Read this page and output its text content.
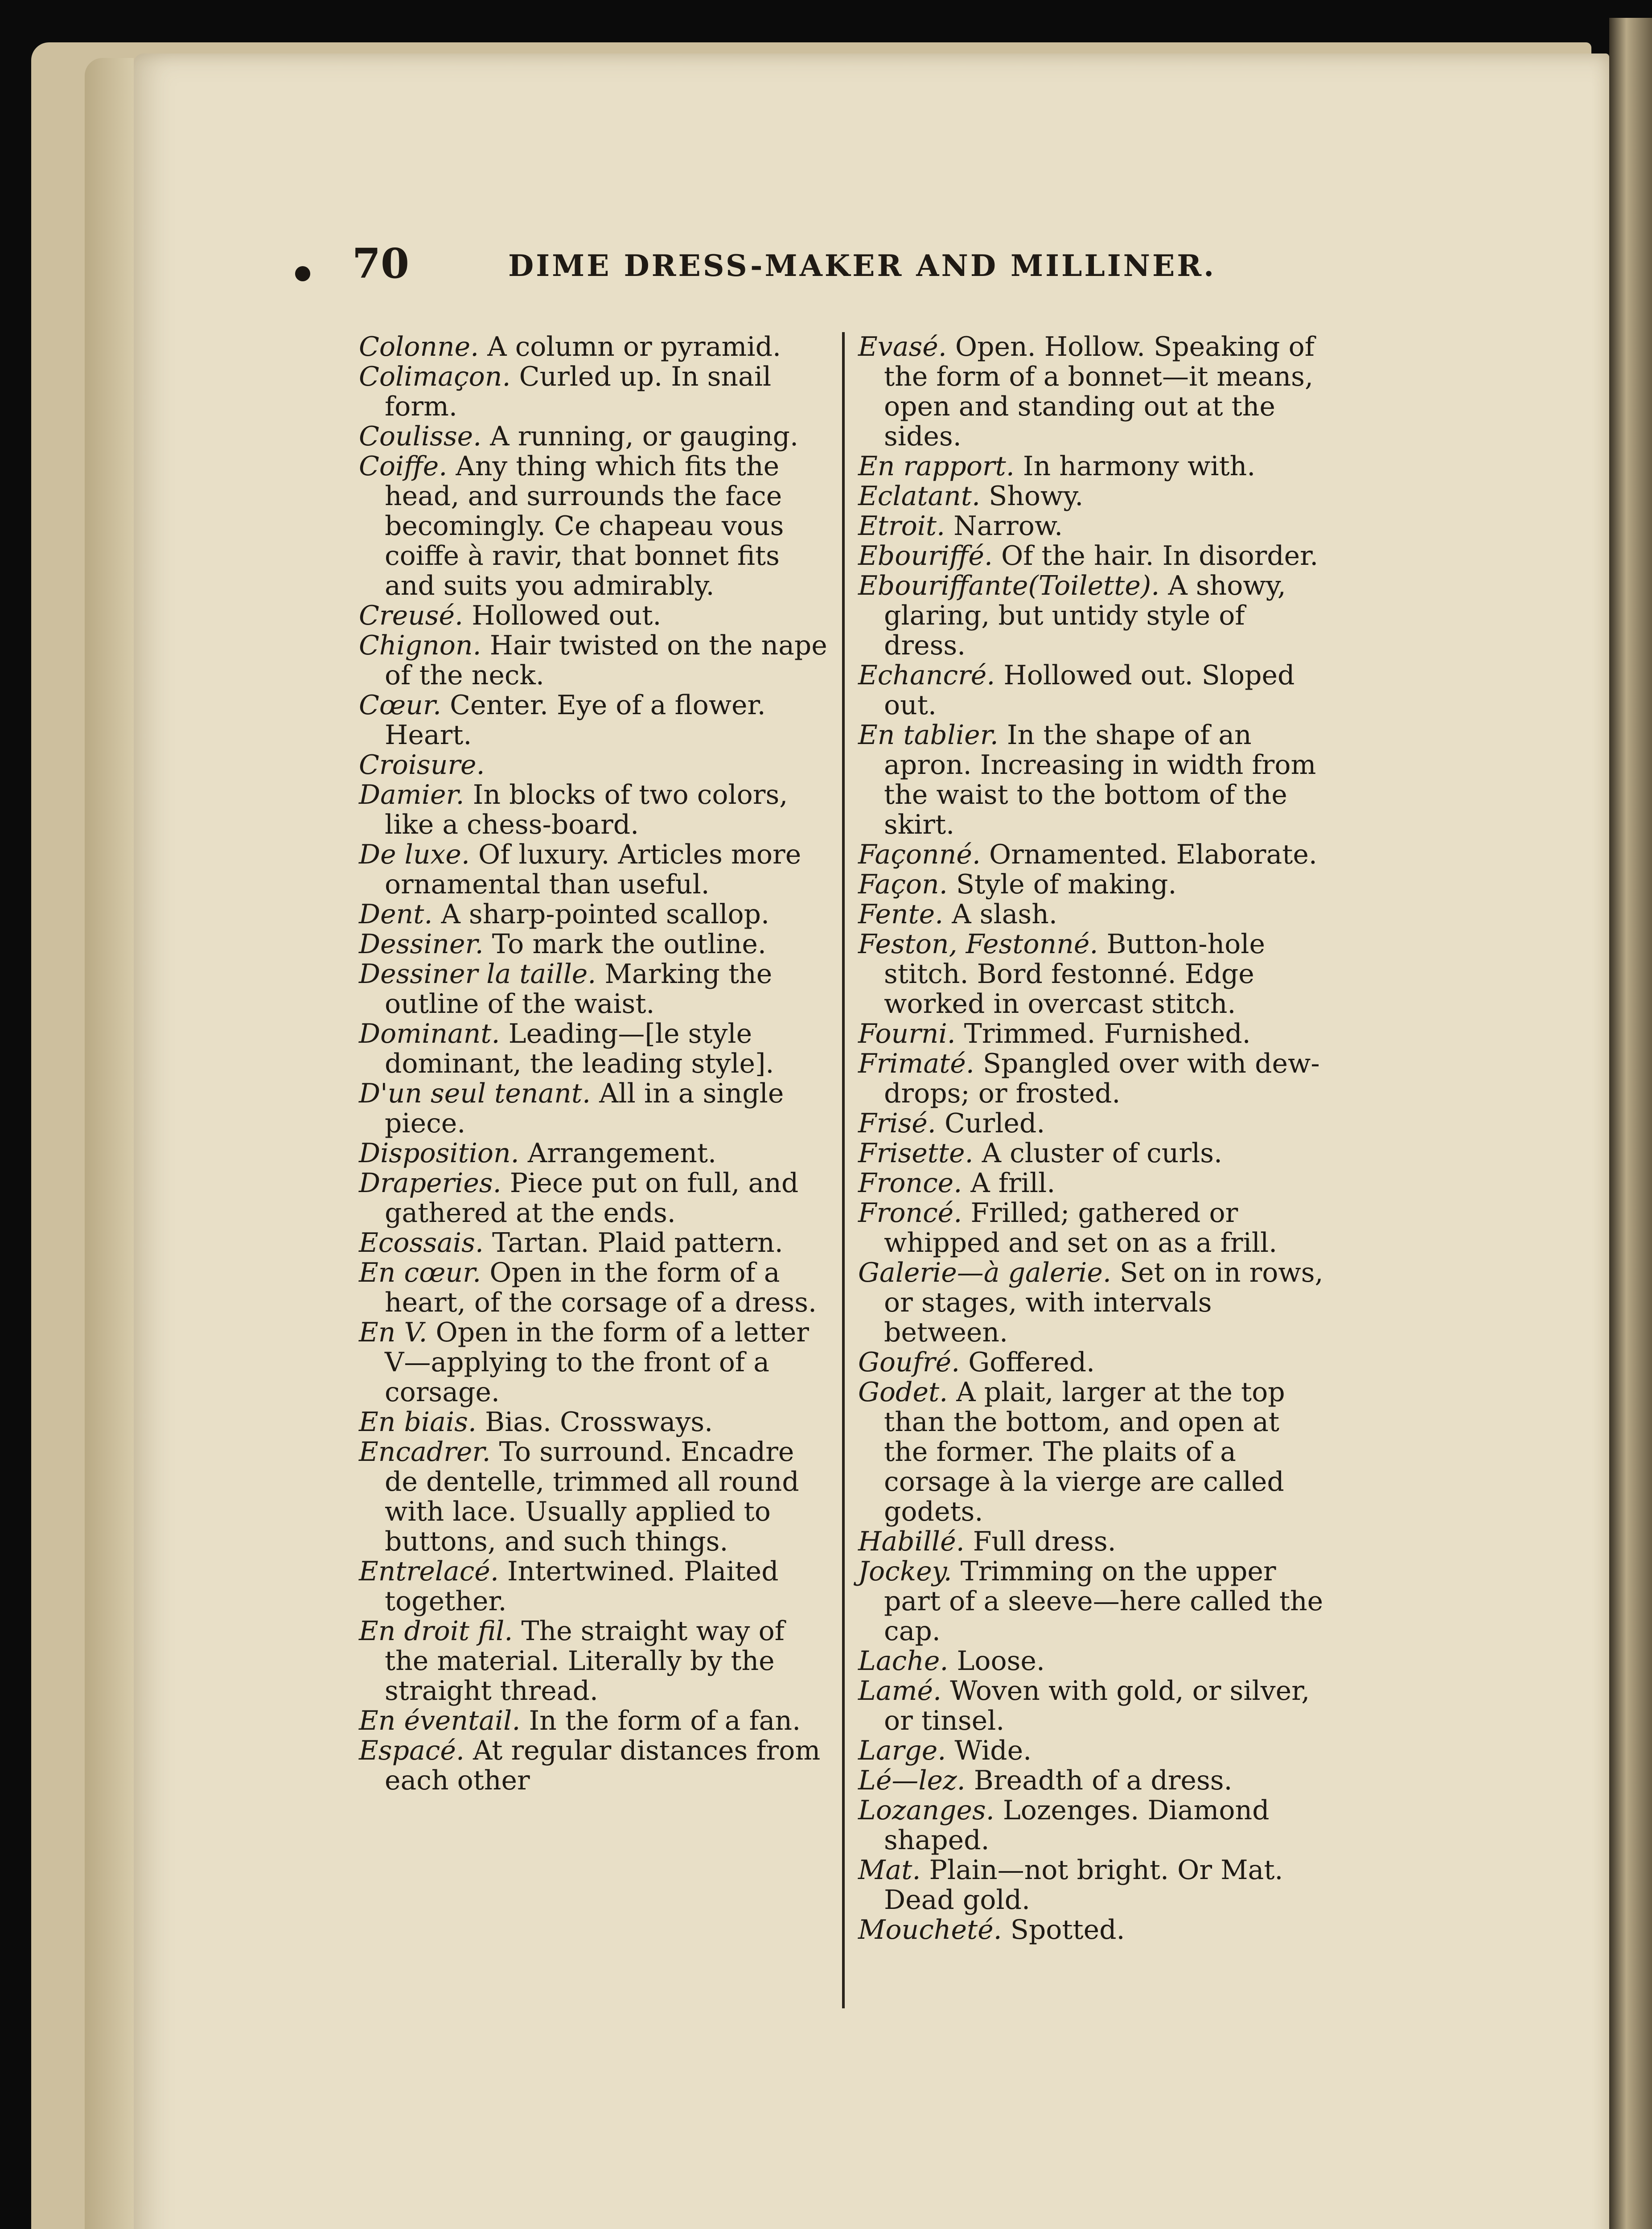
70	DIME DRESS-MAKER AND MILLINER.

Colonne. A column or pyramid.

Colimaçon. Curled up. In snail form.

Coulisse. A running, or gauging.

Coiffe. Any thing which fits the head, and surrounds the face becomingly. Ce chapeau vous coiffe à ravir, that bonnet fits and suits you admirably.

Creusé. Hollowed out.

Chignon. Hair twisted on the nape of the neck.

Cœur. Center. Eye of a flower. Heart.

Croisure.

Damier. In blocks of two colors, like a chess-board.

De luxe. Of luxury. Articles more ornamental than useful.

Dent. A sharp-pointed scallop.

Dessiner. To mark the outline.

Dessiner la taille. Marking the outline of the waist.

Dominant. Leading—[le style dominant, the leading style].

D'un seul tenant. All in a single piece.

Disposition. Arrangement.

Draperies. Piece put on full, and gathered at the ends.

Ecossais. Tartan. Plaid pattern.

En cœur. Open in the form of a heart, of the corsage of a dress.

En V. Open in the form of a letter V—applying to the front of a corsage.

En biais. Bias. Crossways.

Encadrer. To surround. Encadre de dentelle, trimmed all round with lace. Usually applied to buttons, and such things.

Entrelacé. Intertwined. Plaited together.

En droit fil. The straight way of the material. Literally by the straight thread.

En éventail. In the form of a fan.

Espacé. At regular distances from each other

Evasé. Open. Hollow. Speaking of the form of a bonnet—it means, open and standing out at the sides.

En rapport. In harmony with.

Eclatant. Showy.

Etroit. Narrow.

Ebouriffé. Of the hair. In disorder.

Ebouriffante(Toilette). A showy, glaring, but untidy style of dress.

Echancré. Hollowed out. Sloped out.

En tablier. In the shape of an apron. Increasing in width from the waist to the bottom of the skirt.

Façonné. Ornamented. Elaborate.

Façon. Style of making.

Fente. A slash.

Feston, Festonné. Button-hole stitch. Bord festonné. Edge worked in overcast stitch.

Fourni. Trimmed. Furnished.

Frimaté. Spangled over with dew-drops; or frosted.

Frisé. Curled.

Frisette. A cluster of curls.

Fronce. A frill.

Froncé. Frilled; gathered or whipped and set on as a frill.

Galerie—à galerie. Set on in rows, or stages, with intervals between.

Goufré. Goffered.

Godet. A plait, larger at the top than the bottom, and open at the former. The plaits of a corsage à la vierge are called godets.

Habillé. Full dress.

Jockey. Trimming on the upper part of a sleeve—here called the cap.

Lache. Loose.

Lamé. Woven with gold, or silver, or tinsel.

Large. Wide.

Lé—lez. Breadth of a dress.

Lozanges. Lozenges. Diamond shaped.

Mat. Plain—not bright. Or Mat. Dead gold.

Moucheté. Spotted.
